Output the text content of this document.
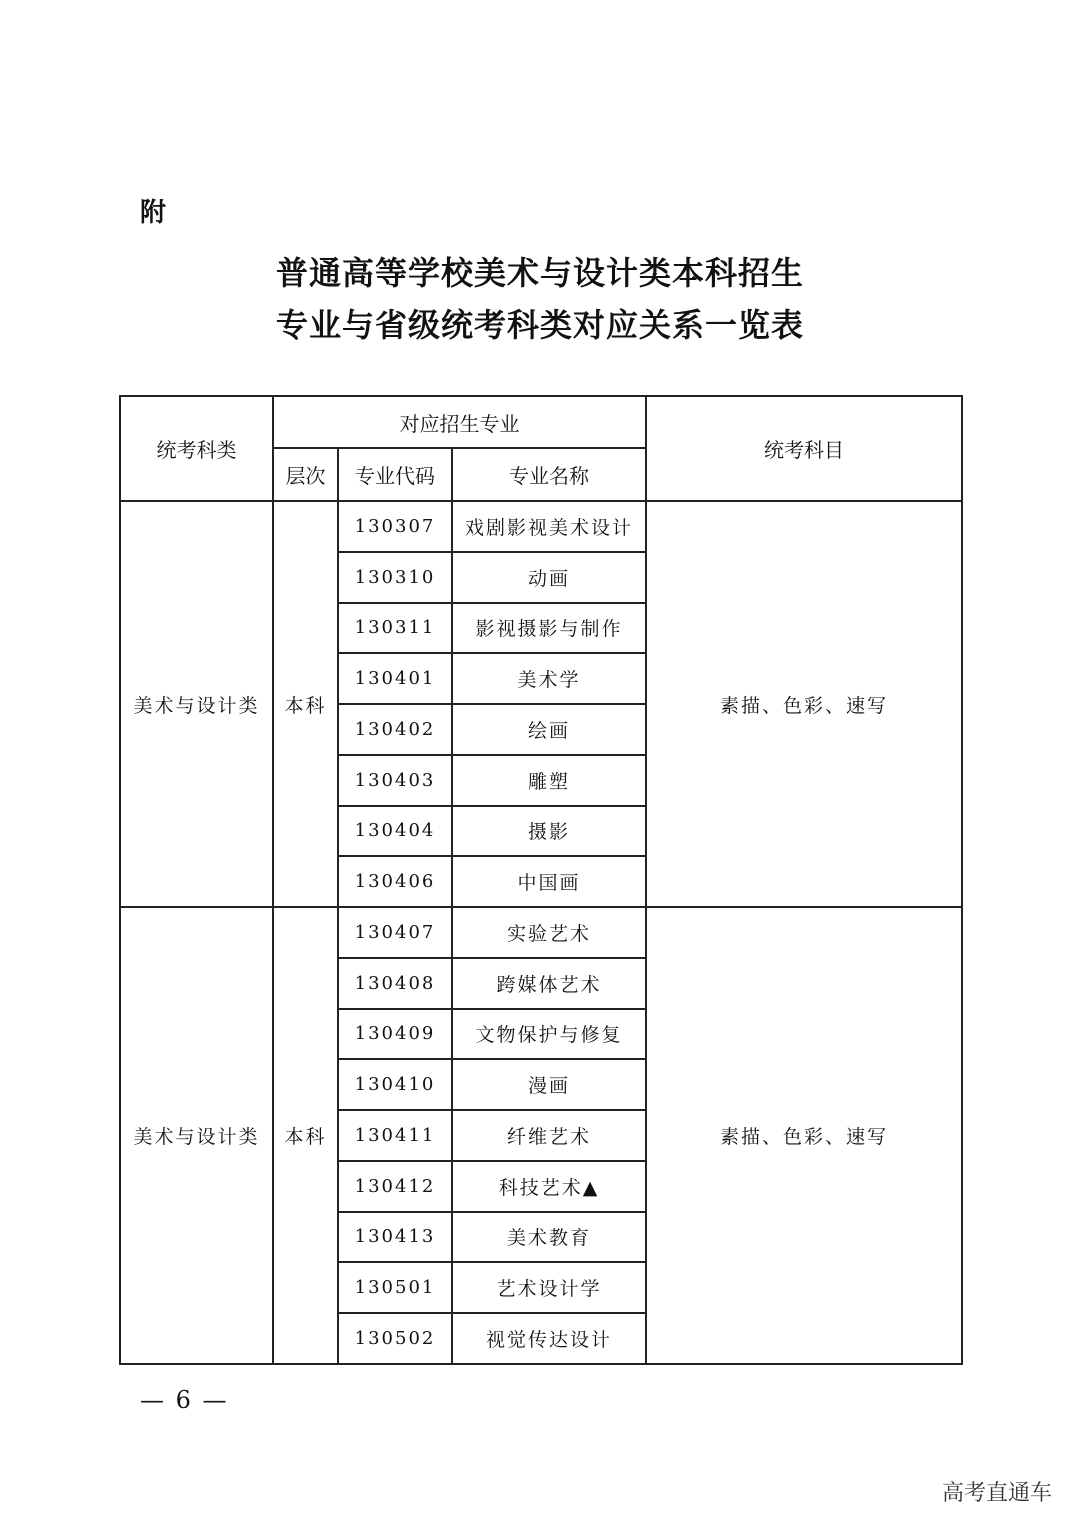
附
普通高等学校美术与设计类本科招生
专业与省级统考科类对应关系一览表
统考科类	对应招生专业			统考科目
	层次	专业代码	专业名称	
美术与设计类	本科	130307	戏剧影视美术设计	素描、色彩、速写
		130310	动画	
		130311	影视摄影与制作	
		130401	美术学	
		130402	绘画	
		130403	雕塑	
		130404	摄影	
		130406	中国画	
美术与设计类	本科	130407	实验艺术	素描、色彩、速写
		130408	跨媒体艺术	
		130409	文物保护与修复	
		130410	漫画	
		130411	纤维艺术	
		130412	科技艺术▲	
		130413	美术教育	
		130501	艺术设计学	
		130502	视觉传达设计	
— 6 —
高考直通车
